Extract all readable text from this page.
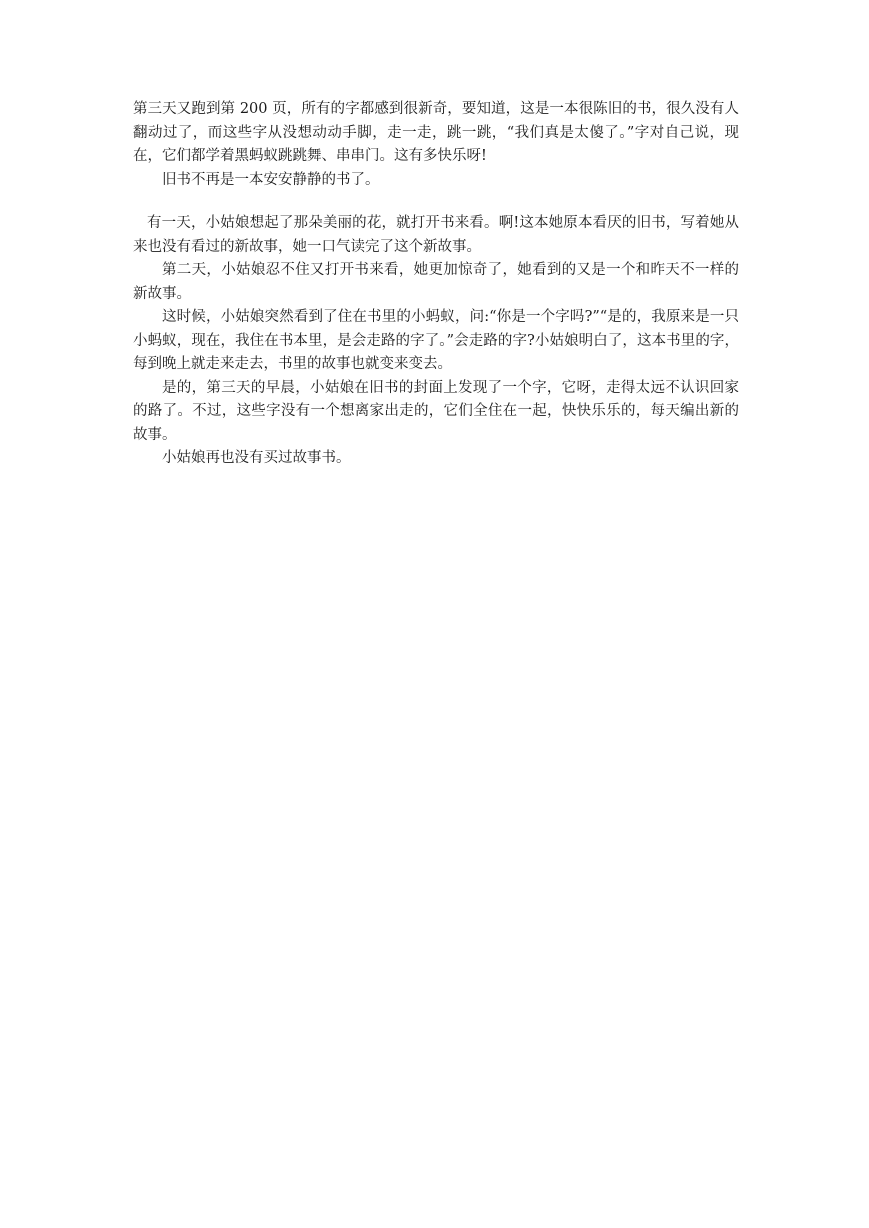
第三天又跑到第 200 页，所有的字都感到很新奇，要知道，这是一本很陈旧的书，很久没有人翻动过了，而这些字从没想动动手脚，走一走，跳一跳，“我们真是太傻了。”字对自己说，现在，它们都学着黑蚂蚁跳跳舞、串串门。这有多快乐呀!

旧书不再是一本安安静静的书了。

有一天，小姑娘想起了那朵美丽的花，就打开书来看。啊!这本她原本看厌的旧书，写着她从来也没有看过的新故事，她一口气读完了这个新故事。

第二天，小姑娘忍不住又打开书来看，她更加惊奇了，她看到的又是一个和昨天不一样的新故事。

这时候，小姑娘突然看到了住在书里的小蚂蚁，问:“你是一个字吗?”“是的，我原来是一只小蚂蚁，现在，我住在书本里，是会走路的字了。”会走路的字?小姑娘明白了，这本书里的字，每到晚上就走来走去，书里的故事也就变来变去。

是的，第三天的早晨，小姑娘在旧书的封面上发现了一个字，它呀，走得太远不认识回家的路了。不过，这些字没有一个想离家出走的，它们全住在一起，快快乐乐的，每天编出新的故事。

小姑娘再也没有买过故事书。
